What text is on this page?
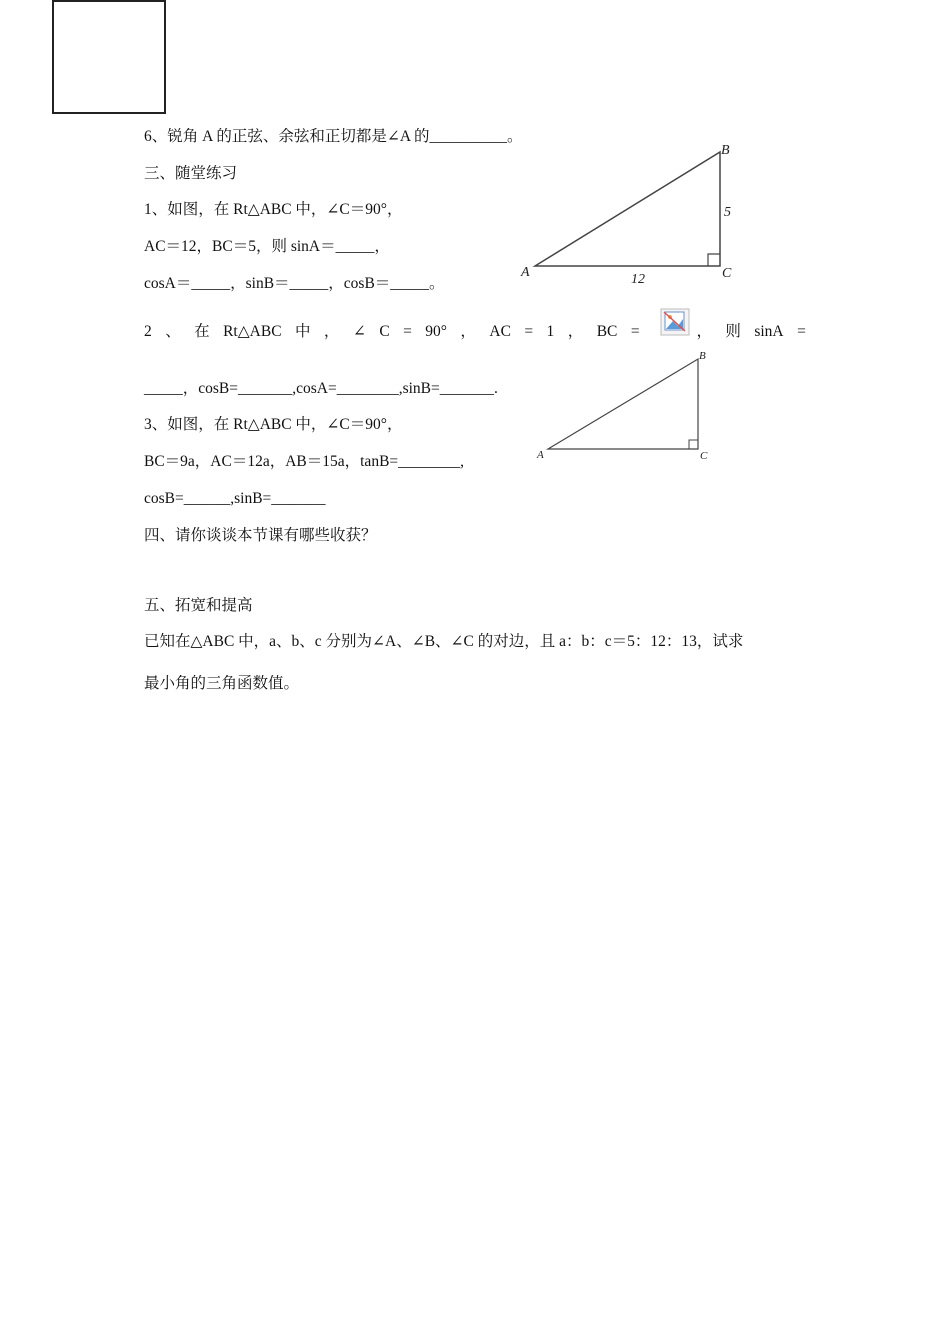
6、锐角 A 的正弦、余弦和正切都是∠A 的__________。
三、随堂练习
1、如图，在 Rt△ABC 中，∠C＝90°，
AC＝12，BC＝5，则 sinA＝_____，
cosA＝_____，sinB＝_____，cosB＝_____。
A
B
C
5
12
2 、 在 Rt△ABC 中 ， ∠ C = 90° ， AC = 1 ， BC =	， 则 sinA =
_____，cosB=_______,cosA=________,sinB=_______.
3、如图，在 Rt△ABC 中，∠C＝90°，
BC＝9a，AC＝12a，AB＝15a，tanB=________,
cosB=______,sinB=_______
A
B
C
四、请你谈谈本节课有哪些收获？
五、拓宽和提高
已知在△ABC 中，a、b、c 分别为∠A、∠B、∠C 的对边，且 a：b：c＝5：12：13，试求
最小角的三角函数值。
